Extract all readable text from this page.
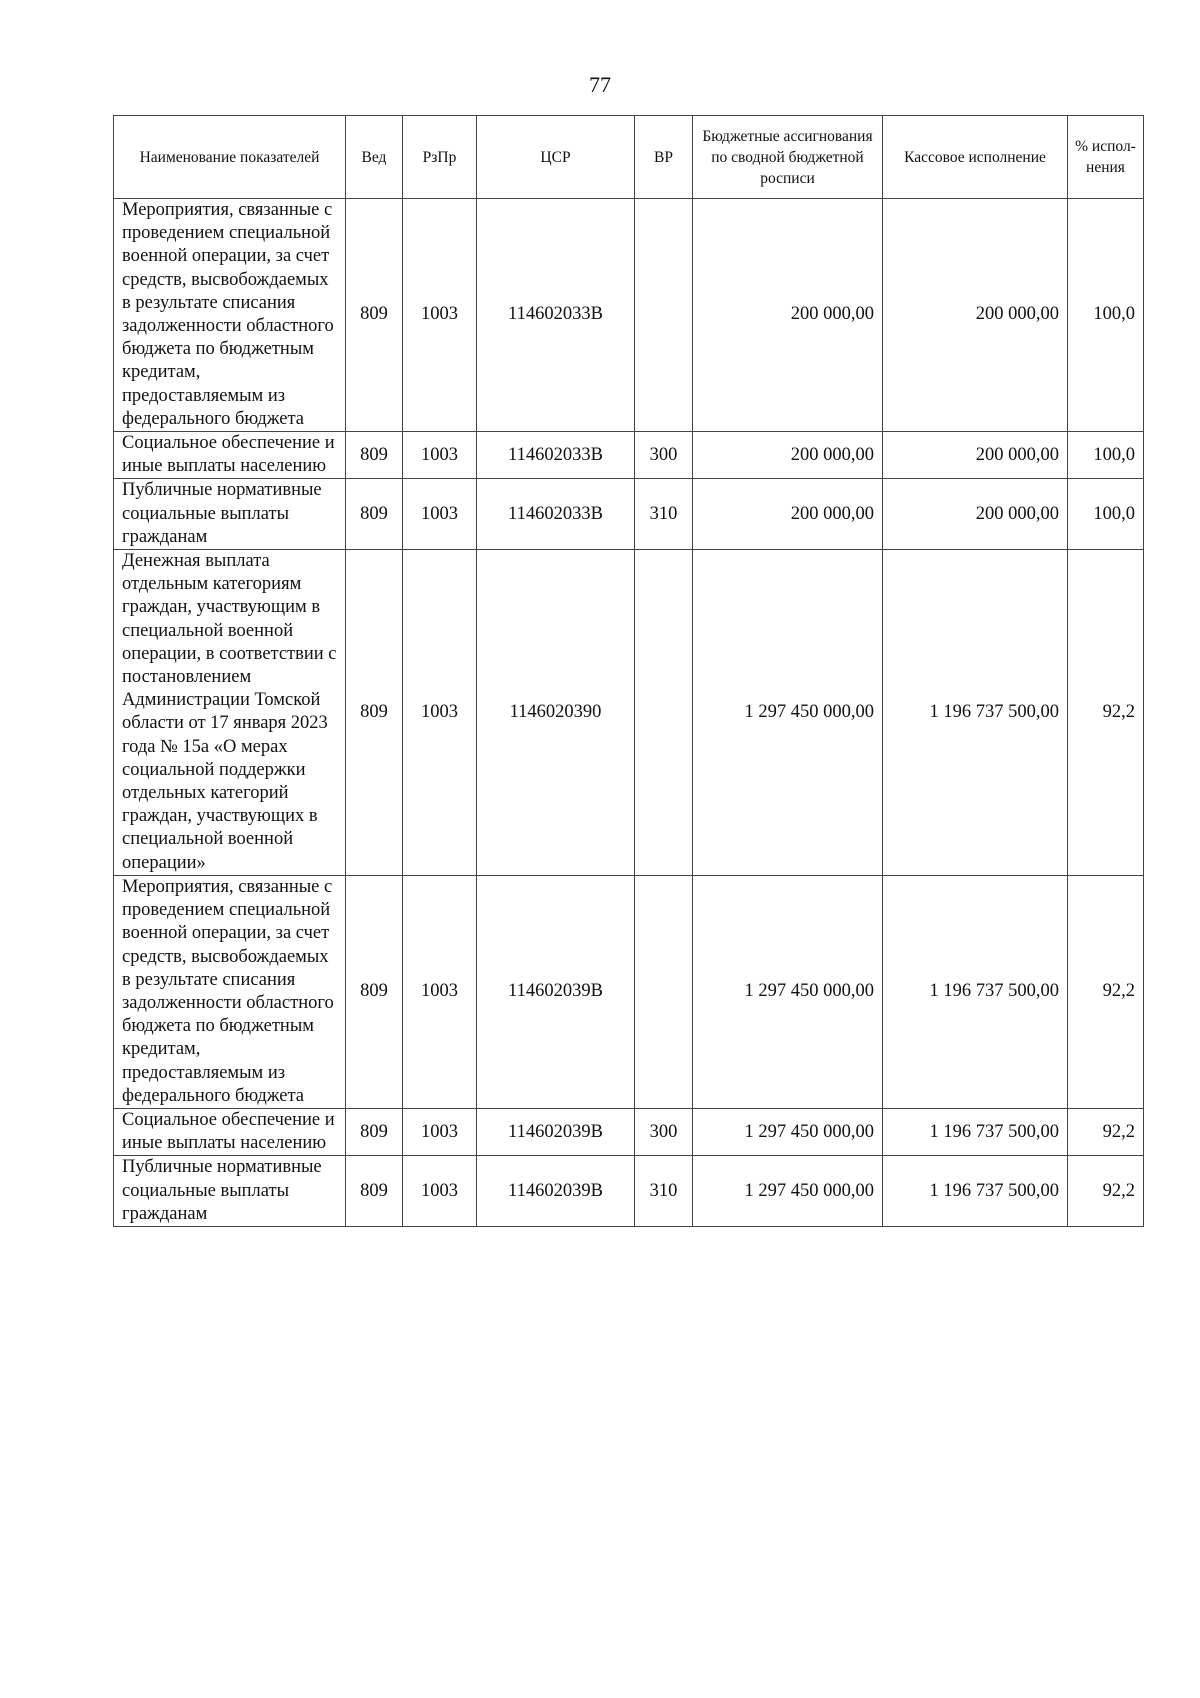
77
Наименование показателей	Вед	РзПр	ЦСР	ВР	Бюджетные ассигнования по сводной бюджетной росписи	Кассовое исполнение	% испол-нения
Мероприятия, связанные с проведением специальной военной операции, за счет средств, высвобождаемых в результате списания задолженности областного бюджета по бюджетным кредитам, предоставляемым из федерального бюджета	809	1003	114602033В		200 000,00	200 000,00	100,0
Социальное обеспечение и иные выплаты населению	809	1003	114602033В	300	200 000,00	200 000,00	100,0
Публичные нормативные социальные выплаты гражданам	809	1003	114602033В	310	200 000,00	200 000,00	100,0
Денежная выплата отдельным категориям граждан, участвующим в специальной военной операции, в соответствии с постановлением Администрации Томской области от 17 января 2023 года № 15а «О мерах социальной поддержки отдельных категорий граждан, участвующих в специальной военной операции»	809	1003	1146020390		1 297 450 000,00	1 196 737 500,00	92,2
Мероприятия, связанные с проведением специальной военной операции, за счет средств, высвобождаемых в результате списания задолженности областного бюджета по бюджетным кредитам, предоставляемым из федерального бюджета	809	1003	114602039В		1 297 450 000,00	1 196 737 500,00	92,2
Социальное обеспечение и иные выплаты населению	809	1003	114602039В	300	1 297 450 000,00	1 196 737 500,00	92,2
Публичные нормативные социальные выплаты гражданам	809	1003	114602039В	310	1 297 450 000,00	1 196 737 500,00	92,2
